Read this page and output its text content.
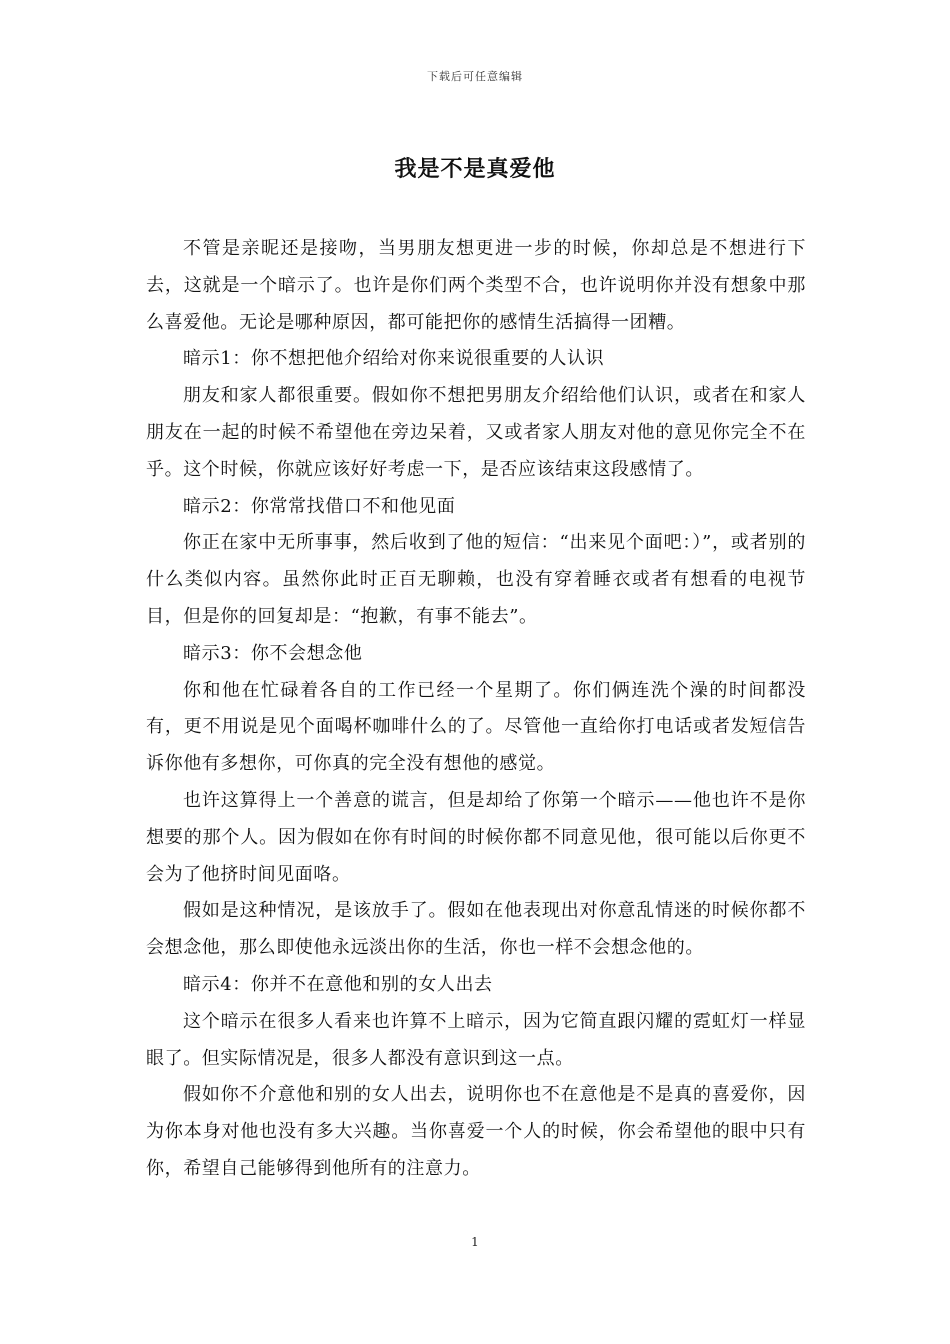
下载后可任意编辑
我是不是真爱他

不管是亲昵还是接吻，当男朋友想更进一步的时候，你却总是不想进行下去，这就是一个暗示了。也许是你们两个类型不合，也许说明你并没有想象中那么喜爱他。无论是哪种原因，都可能把你的感情生活搞得一团糟。

暗示1：你不想把他介绍给对你来说很重要的人认识

朋友和家人都很重要。假如你不想把男朋友介绍给他们认识，或者在和家人朋友在一起的时候不希望他在旁边呆着，又或者家人朋友对他的意见你完全不在乎。这个时候，你就应该好好考虑一下，是否应该结束这段感情了。

暗示2：你常常找借口不和他见面

你正在家中无所事事，然后收到了他的短信：“出来见个面吧：）”，或者别的什么类似内容。虽然你此时正百无聊赖，也没有穿着睡衣或者有想看的电视节目，但是你的回复却是：“抱歉，有事不能去”。

暗示3：你不会想念他

你和他在忙碌着各自的工作已经一个星期了。你们俩连洗个澡的时间都没有，更不用说是见个面喝杯咖啡什么的了。尽管他一直给你打电话或者发短信告诉你他有多想你，可你真的完全没有想他的感觉。

也许这算得上一个善意的谎言，但是却给了你第一个暗示——他也许不是你想要的那个人。因为假如在你有时间的时候你都不同意见他，很可能以后你更不会为了他挤时间见面咯。

假如是这种情况，是该放手了。假如在他表现出对你意乱情迷的时候你都不会想念他，那么即使他永远淡出你的生活，你也一样不会想念他的。

暗示4：你并不在意他和别的女人出去

这个暗示在很多人看来也许算不上暗示，因为它简直跟闪耀的霓虹灯一样显眼了。但实际情况是，很多人都没有意识到这一点。

假如你不介意他和别的女人出去，说明你也不在意他是不是真的喜爱你，因为你本身对他也没有多大兴趣。当你喜爱一个人的时候，你会希望他的眼中只有你，希望自己能够得到他所有的注意力。

1
